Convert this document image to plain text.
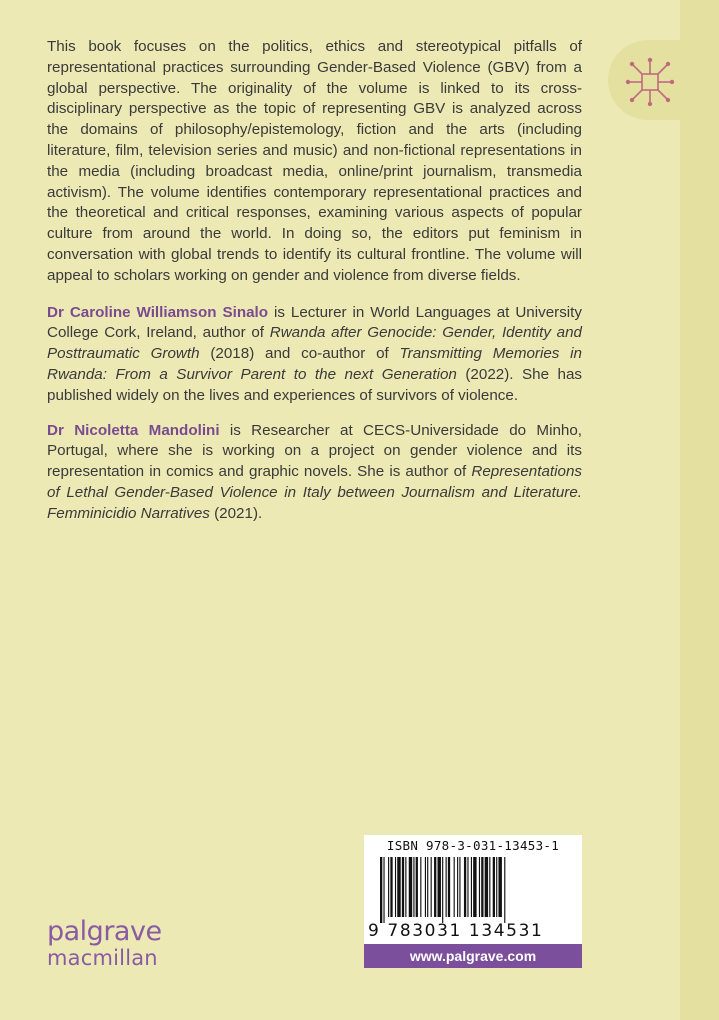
This book focuses on the politics, ethics and stereotypical pitfalls of representational practices surrounding Gender-Based Violence (GBV) from a global perspective. The originality of the volume is linked to its cross-disciplinary perspective as the topic of representing GBV is analyzed across the domains of philosophy/epistemology, fiction and the arts (including literature, film, television series and music) and non-fictional representations in the media (including broadcast media, online/print journalism, transmedia activism). The volume identifies contemporary representational practices and the theoretical and critical responses, examining various aspects of popular culture from around the world. In doing so, the editors put feminism in conversation with global trends to identify its cultural frontline. The volume will appeal to scholars working on gender and violence from diverse fields.

Dr Caroline Williamson Sinalo is Lecturer in World Languages at University College Cork, Ireland, author of Rwanda after Genocide: Gender, Identity and Posttraumatic Growth (2018) and co-author of Transmitting Memories in Rwanda: From a Survivor Parent to the next Generation (2022). She has published widely on the lives and experiences of survivors of violence.

Dr Nicoletta Mandolini is Researcher at CECS-Universidade do Minho, Portugal, where she is working on a project on gender violence and its representation in comics and graphic novels. She is author of Representations of Lethal Gender-Based Violence in Italy between Journalism and Literature. Femminicidio Narratives (2021).

ISBN 978-3-031-13453-1
9 783031 134531
www.palgrave.com
palgrave
macmillan
